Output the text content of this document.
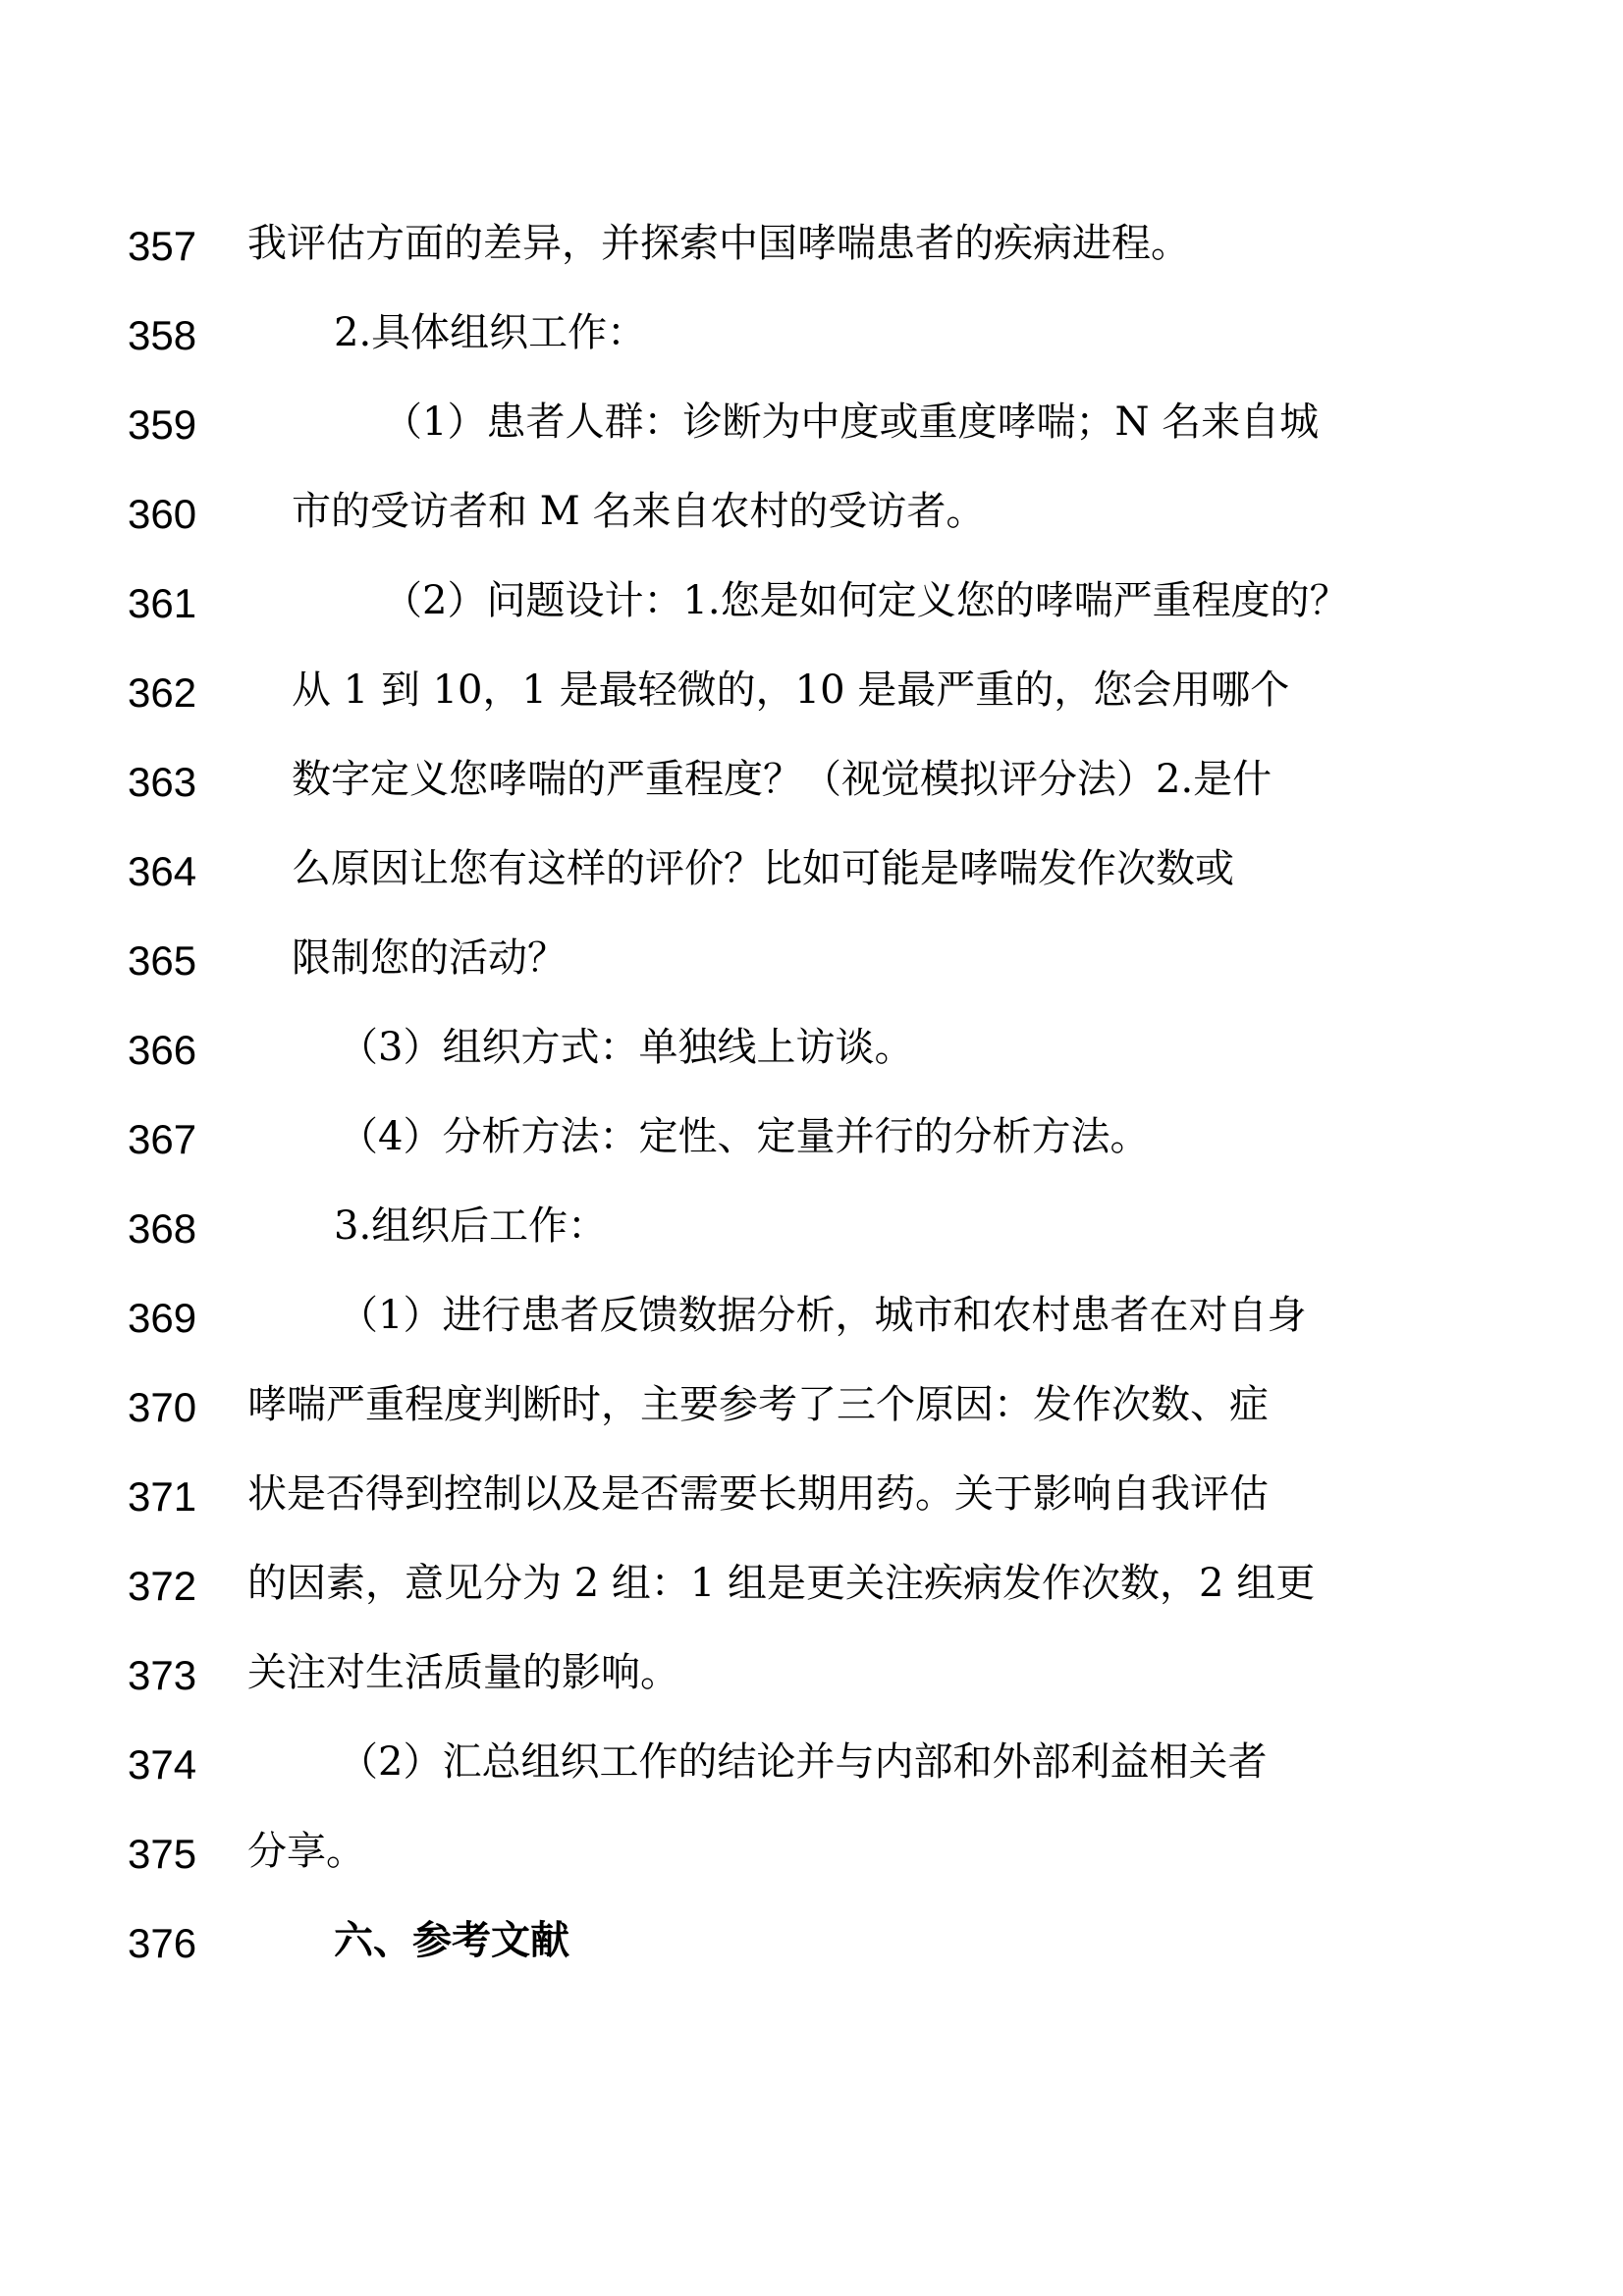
357 我评估方面的差异，并探索中国哮喘患者的疾病进程。
358	2.具体组织工作：
359	（1）患者人群：诊断为中度或重度哮喘；N 名来自城
360 市的受访者和 M 名来自农村的受访者。
361	（2）问题设计：1.您是如何定义您的哮喘严重程度的？
362 从 1 到 10，1 是最轻微的，10 是最严重的，您会用哪个
363 数字定义您哮喘的严重程度？（视觉模拟评分法）2.是什
364 么原因让您有这样的评价？比如可能是哮喘发作次数或
365 限制您的活动？
366	（3）组织方式：单独线上访谈。
367	（4）分析方法：定性、定量并行的分析方法。
368	3.组织后工作：
369	（1）进行患者反馈数据分析，城市和农村患者在对自身
370 哮喘严重程度判断时，主要参考了三个原因：发作次数、症
371 状是否得到控制以及是否需要长期用药。关于影响自我评估
372 的因素，意见分为 2 组：1 组是更关注疾病发作次数，2 组更
373 关注对生活质量的影响。
374	（2）汇总组织工作的结论并与内部和外部利益相关者
375 分享。
376	六、参考文献
